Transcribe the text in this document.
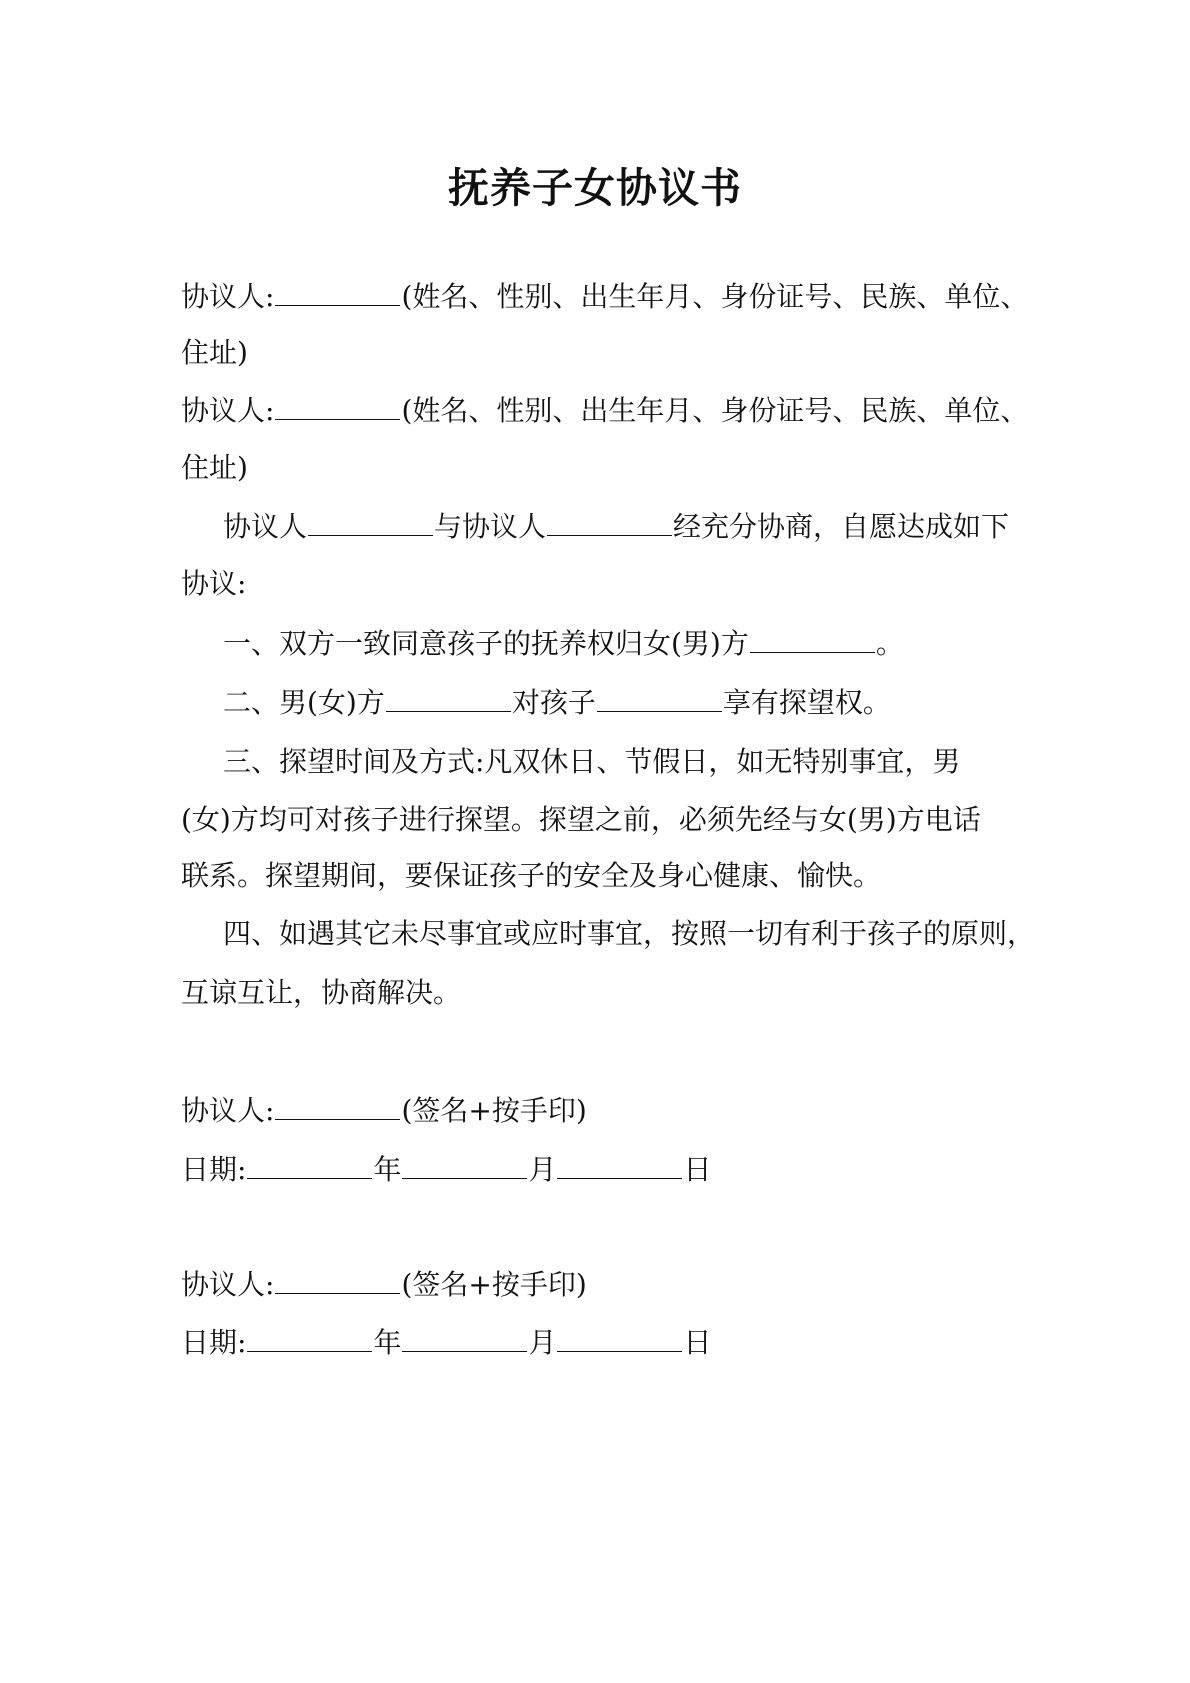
抚养子女协议书
协议人:	(姓名、性别、出生年月、身份证号、民族、单位、
住址)
协议人:	(姓名、性别、出生年月、身份证号、民族、单位、
住址)
协议人	与协议人	经充分协商，自愿达成如下
协议:
一、双方一致同意孩子的抚养权归女(男)方	。
二、男(女)方	对孩子	享有探望权。
三、探望时间及方式:凡双休日、节假日，如无特别事宜，男
(女)方均可对孩子进行探望。探望之前，必须先经与女(男)方电话
联系。探望期间，要保证孩子的安全及身心健康、愉快。
四、如遇其它未尽事宜或应时事宜，按照一切有利于孩子的原则，
互谅互让，协商解决。
协议人:	(签名+按手印)
日期:	年	月	日
协议人:	(签名+按手印)
日期:	年	月	日
